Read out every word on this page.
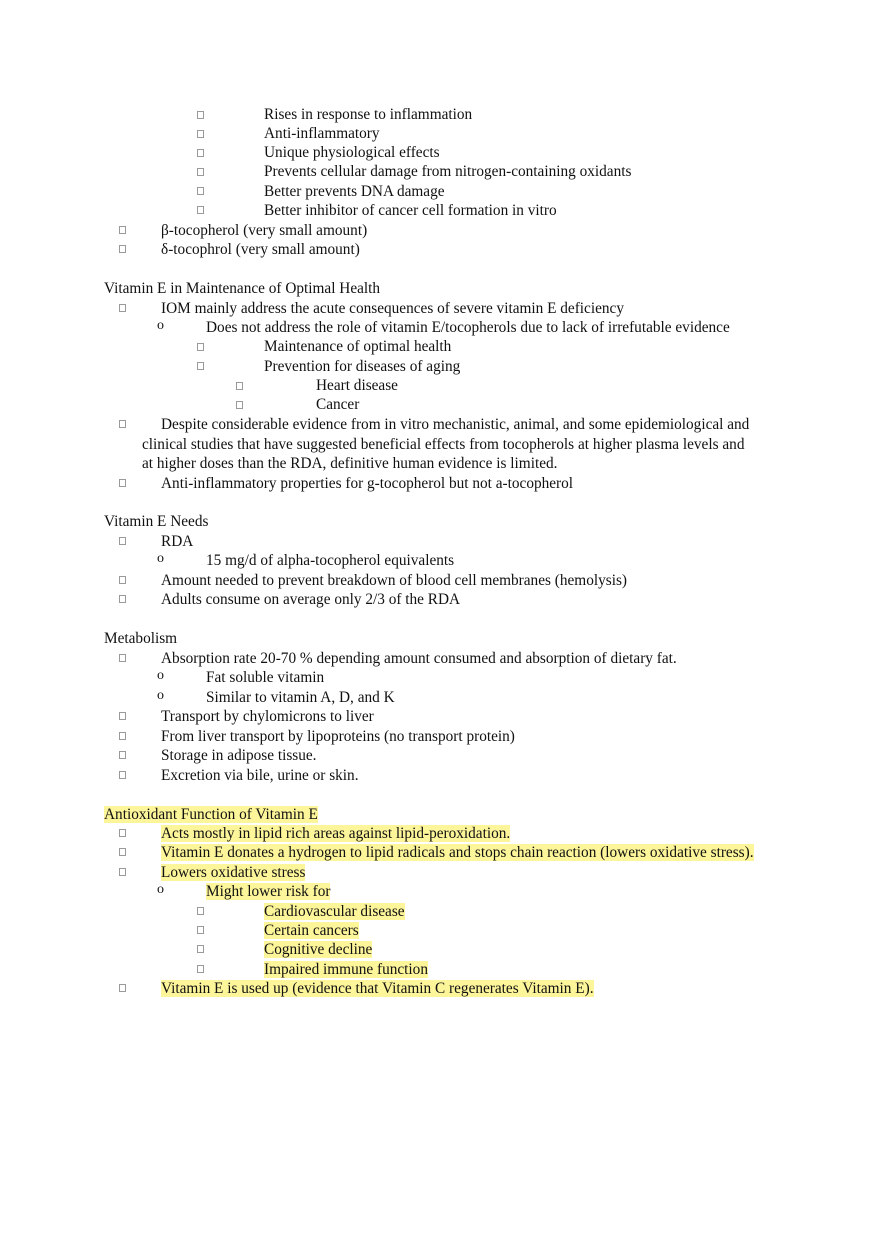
Rises in response to inflammation
Anti-inflammatory
Unique physiological effects
Prevents cellular damage from nitrogen-containing oxidants
Better prevents DNA damage
Better inhibitor of cancer cell formation in vitro
β-tocopherol (very small amount)
δ-tocophrol (very small amount)
Vitamin E in Maintenance of Optimal Health
IOM mainly address the acute consequences of severe vitamin E deficiency
o	Does not address the role of vitamin E/tocopherols due to lack of irrefutable evidence
Maintenance of optimal health
Prevention for diseases of aging
Heart disease
Cancer
Despite considerable evidence from in vitro mechanistic, animal, and some epidemiological and
clinical studies that have suggested beneficial effects from tocopherols at higher plasma levels and
at higher doses than the RDA, definitive human evidence is limited.
Anti-inflammatory properties for g-tocopherol but not a-tocopherol
Vitamin E Needs
RDA
o	15 mg/d of alpha-tocopherol equivalents
Amount needed to prevent breakdown of blood cell membranes (hemolysis)
Adults consume on average only 2/3 of the RDA
Metabolism
Absorption rate 20-70 % depending amount consumed and absorption of dietary fat.
o	Fat soluble vitamin
o	Similar to vitamin A, D, and K
Transport by chylomicrons to liver
From liver transport by lipoproteins (no transport protein)
Storage in adipose tissue.
Excretion via bile, urine or skin.
Antioxidant Function of Vitamin E
Acts mostly in lipid rich areas against lipid-peroxidation.
Vitamin E donates a hydrogen to lipid radicals and stops chain reaction (lowers oxidative stress).
Lowers oxidative stress
o	Might lower risk for
Cardiovascular disease
Certain cancers
Cognitive decline
Impaired immune function
Vitamin E is used up (evidence that Vitamin C regenerates Vitamin E).
